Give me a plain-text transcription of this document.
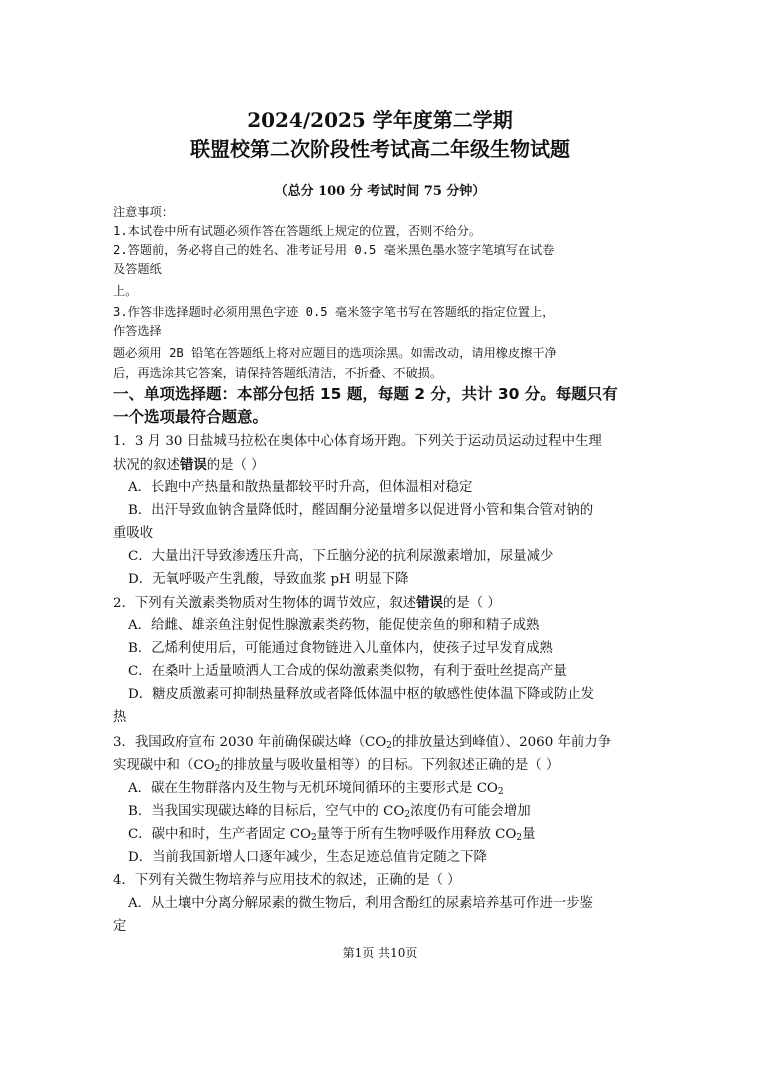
2024/2025 学年度第二学期
联盟校第二次阶段性考试高二年级生物试题
（总分 100 分 考试时间 75 分钟）
注意事项：
1.本试卷中所有试题必须作答在答题纸上规定的位置，否则不给分。
2.答题前，务必将自己的姓名、准考证号用 0.5 毫米黑色墨水签字笔填写在试卷
及答题纸
上。
3.作答非选择题时必须用黑色字迹 0.5 毫米签字笔书写在答题纸的指定位置上，
作答选择
题必须用 2B 铅笔在答题纸上将对应题目的选项涂黑。如需改动，请用橡皮擦干净
后，再选涂其它答案，请保持答题纸清洁，不折叠、不破损。
一、单项选择题：本部分包括 15 题，每题 2 分，共计 30 分。每题只有
一个选项最符合题意。
1．3 月 30 日盐城马拉松在奥体中心体育场开跑。下列关于运动员运动过程中生理
状况的叙述错误的是（ ）
A．长跑中产热量和散热量都较平时升高，但体温相对稳定
B．出汗导致血钠含量降低时，醛固酮分泌量增多以促进肾小管和集合管对钠的
重吸收
C．大量出汗导致渗透压升高，下丘脑分泌的抗利尿激素增加，尿量减少
D．无氧呼吸产生乳酸，导致血浆 pH 明显下降
2．下列有关激素类物质对生物体的调节效应，叙述错误的是（ ）
A．给雌、雄亲鱼注射促性腺激素类药物，能促使亲鱼的卵和精子成熟
B．乙烯利使用后，可能通过食物链进入儿童体内，使孩子过早发育成熟
C．在桑叶上适量喷洒人工合成的保幼激素类似物，有利于蚕吐丝提高产量
D．糖皮质激素可抑制热量释放或者降低体温中枢的敏感性使体温下降或防止发
热
3．我国政府宣布 2030 年前确保碳达峰（$CO_2$的排放量达到峰值）、2060 年前力争
实现碳中和（$CO_2$的排放量与吸收量相等）的目标。下列叙述正确的是（ ）
A．碳在生物群落内及生物与无机环境间循环的主要形式是 $CO_2$
B．当我国实现碳达峰的目标后，空气中的 $CO_2$浓度仍有可能会增加
C．碳中和时，生产者固定 $CO_2$量等于所有生物呼吸作用释放 $CO_2$量
D．当前我国新增人口逐年减少，生态足迹总值肯定随之下降
4．下列有关微生物培养与应用技术的叙述，正确的是（ ）
A．从土壤中分离分解尿素的微生物后，利用含酚红的尿素培养基可作进一步鉴
定
第1页 共10页
